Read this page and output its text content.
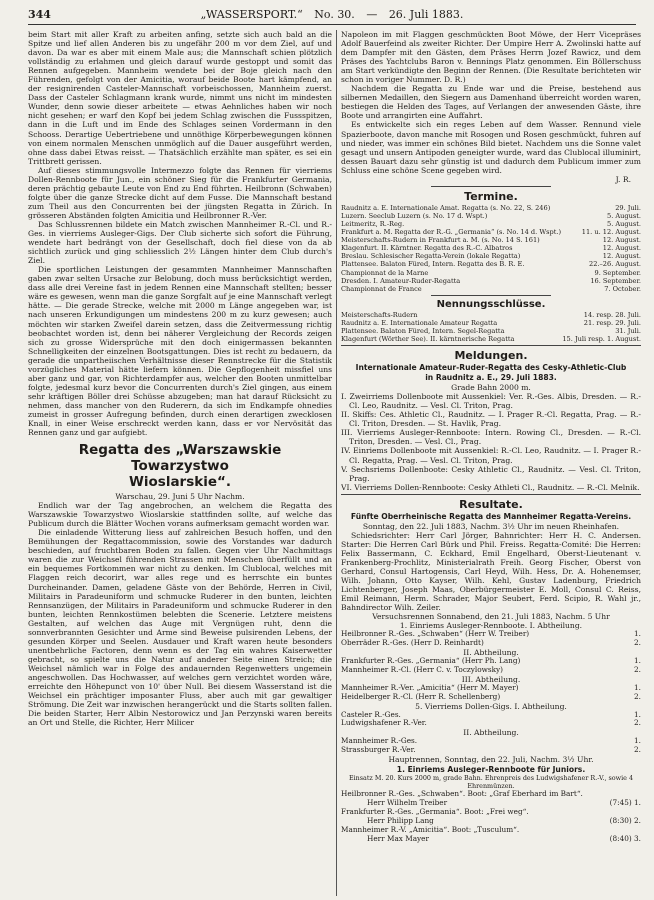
344	„WASSERSPORT.“ No. 30. — 26. Juli 1883.

beim Start mit aller Kraft zu arbeiten anfing, setzte sich auch bald an die Spitze und lief allen Anderen bis zu ungefähr 200 m vor dem Ziel, auf und davon. Da war es aber mit einem Male aus; die Mannschaft schien plötzlich vollständig zu erlahmen und gleich darauf wurde gestoppt und somit das Rennen aufgegeben. Mannheim wendete bei der Boje gleich nach den Führenden, gefolgt von der Amicitia, worauf beide Boote hart kämpfend, an der resignirenden Casteler-Mannschaft vorbeischossen, Mannheim zuerst. Dass der Casteler Schlagmann krank wurde, nimmt uns nicht im mindesten Wunder, denn sowie dieser arbeitete — etwas Aehnliches haben wir noch nicht gesehen; er warf den Kopf bei jedem Schlag zwischen die Fussspitzen, dann in die Luft und im Ende des Schlages seinen Vordermann in den Schooss. Derartige Uebertriebene und unnöthige Körperbewegungen können von einem normalen Menschen unmöglich auf die Dauer ausgeführt werden, ohne dass dabei Etwas reisst. — Thatsächlich erzählte man später, es sei ein Trittbrett gerissen.

Auf dieses stimmungsvolle Intermezzo folgte das Rennen für vierriems Dollen-Rennboote für Jun., ein schöner Sieg für die Frankfurter Germania, deren prächtig gebaute Leute von End zu End führten. Heilbronn (Schwaben) folgte über die ganze Strecke dicht auf dem Fusse. Die Mannschaft bestand zum Theil aus den Concurrenten bei der jüngsten Regatta in Zürich. In grösseren Abständen folgten Amicitia und Heilbronner R.-Ver.

Das Schlussrennen bildete ein Match zwischen Mannheimer R.-Cl. und R.-Ges. in vierriems Ausleger-Gigs. Der Club sicherte sich sofort die Führung, wendete hart bedrängt von der Gesellschaft, doch fiel diese von da ab sichtlich zurück und ging schliesslich 2½ Längen hinter dem Club durch's Ziel.

Die sportlichen Leistungen der gesammten Mannheimer Mannschaften gaben zwar selten Ursache zur Belobung, doch muss berücksichtigt werden, dass alle drei Vereine fast in jedem Rennen eine Mannschaft stellten; besser wäre es gewesen, wenn man die ganze Sorgfalt auf je eine Mannschaft verlegt hätte. — Die gerade Strecke, welche mit 2000 m Länge angegeben war, ist nach unseren Erkundigungen um mindestens 200 m zu kurz gewesen; auch möchten wir starken Zweifel darein setzen, dass die Zeitvermessung richtig beobachtet worden ist, denn bei näherer Vergleichung der Records zeigen sich zu grosse Widersprüche mit den doch einigermassen bekannten Schnelligkeiten der einzelnen Bootsgattungen. Dies ist recht zu bedauern, da gerade die unpartheiischen Verhältnisse dieser Rennstrecke für die Statistik vorzügliches Material hätte liefern können. Die Gepflogenheit missfiel uns aber ganz und gar, von Richterdampfer aus, welcher den Booten unmittelbar folgte, jedesmal kurz bevor die Concurrenten durch's Ziel gingen, aus einem sehr kräftigen Böller drei Schüsse abzugeben; man hat darauf Rücksicht zu nehmen, dass mancher von den Ruderern, da sich im Endkampfe ohnedies zumeist in grosser Aufregung befinden, durch einen derartigen zwecklosen Knall, in einer Weise erschreckt werden kann, dass er vor Nervösität das Rennen ganz und gar aufgiebt.

Regatta des „Warszawskie Towarzystwo
Wioslarskie“.

Warschau, 29. Juni 5 Uhr Nachm.

Endlich war der Tag angebrochen, an welchem die Regatta des Warszawskie Towarzystwo Wioslarskie stattfinden sollte, auf welche das Publicum durch die Blätter Wochen vorans aufmerksam gemacht worden war.

Die einladende Witterung liess auf zahlreichen Besuch hoffen, und den Bemühungen der Regattacommission, sowie des Vorstandes war dadurch beschieden, auf fruchtbaren Boden zu fallen. Gegen vier Uhr Nachmittags waren die zur Weichsel führenden Strassen mit Menschen überfüllt und an ein bequemes Fortkommen war nicht zu denken. Im Clublocal, welches mit Flaggen reich decorirt, war alles rege und es herrschte ein buntes Durcheinander. Damen, geladene Gäste von der Behörde, Herren in Civil, Militairs in Paradeuniform und schmucke Ruderer in den bunten, leichten Rennsanzügen, der Militairs in Paradeuniform und schmucke Ruderer in den bunten, leichten Rennkostümen belebten die Scenerie. Letztere meistens Gestalten, auf welchen das Auge mit Vergnügen ruht, denn die sonnverbrannten Gesichter und Arme sind Beweise pulsirenden Lebens, der gesunden Körper und Seelen. Ausdauer und Kraft waren heute besonders unentbehrliche Factoren, denn wenn es der Tag ein wahres Kaiserwetter gebracht, so spielte uns die Natur auf anderer Seite einen Streich; die Weichsel nämlich war in Folge des andauernden Regenwetters ungemein angeschwollen. Das Hochwasser, auf welches gern verzichtet worden wäre, erreichte den Höhepunct von 10' über Null. Bei diesem Wasserstand ist die Weichsel ein prächtiger imposanter Fluss, aber auch mit gar gewaltiger Strömung. Die Zeit war inzwischen herangerückt und die Starts sollten fallen. Die beiden Starter, Herr Albin Nestorowicz und Jan Perzynski waren bereits an Ort und Stelle, die Richter, Herr Milicer

Napoleon im mit Flaggen geschmückten Boot Möwe, der Herr Vicepräses Adolf Bauerfeind als zweiter Richter. Der Umpire Herr A. Zwolinski hatte auf dem Dampfer mit den Gästen, dem Präses Herrn Jozef Rawicz, und dem Präses des Yachtclubs Baron v. Bennings Platz genommen. Ein Böllerschuss am Start verkündigte den Beginn der Rennen. (Die Resultate berichteten wir schon in voriger Nummer. D. R.)

Nachdem die Regatta zu Ende war und die Preise, bestehend aus silbernen Medaillen, den Siegern aus Damenhand überreicht worden waren, bestiegen die Helden des Tages, auf Verlangen der anwesenden Gäste, ihre Boote und arrangirten eine Auffahrt.

Es entwickelte sich ein reges Leben auf dem Wasser. Rennund viele Spazierboote, davon manche mit Rosogen und Rosen geschmückt, fuhren auf und nieder, was immer ein schönes Bild bietet. Nachdem uns die Sonne valet gesagt und unsern Antipoden geneigter wurde, ward das Clublocal illuminirt, dessen Bauart dazu sehr günstig ist und dadurch dem Publicum immer zum Schluss eine schöne Scene gegeben wird.

J. R.

Termine.
Raudnitz a. E. Internationale Amat. Regatta (s. No. 22, S. 246)	29. Juli.
Luzern. Seeclub Luzern (s. No. 17 d. Wspt.)	5. August.
Leitmeritz, R.-Reg.	5. August.
Frankfurt a. M. Regatta der R.-G. „Germania“ (s. No. 14 d. Wspt.)	11. u. 12. August.
Meisterschafts-Rudern in Frankfurt a. M. (s. No. 14 S. 161)	12. August.
Klagenfurt. II. Kärntner. Regatta des R.-C. Albatros	12. August.
Breslau. Schlesischer Regatta-Verein (lokale Regatta)	12. August.
Plattensee. Balaton Füred, Intern. Regatta des B. R. E.	22.–26. August.
Championnat de la Marne	9. September.
Dresden. I. Amateur-Ruder-Regatta	16. September.
Championnat de France	7. October.
Nennungsschlüsse.
Meisterschafts-Rudern	14. resp. 28. Juli.
Raudnitz a. E. Internationale Amateur Regatta	21. resp. 29. Juli.
Plattensee. Balaton Füred, Intern. Segel-Regatta	31. Juli.
Klagenfurt (Wörther See). II. kärntnerische Regatta	15. Juli resp. 1. August.
Meldungen.
Internationale Amateur-Ruder-Regatta des Cesky-Athletic-Club
in Raudnitz a. E., 29. Juli 1883.
Grade Bahn 2000 m.

I. Zweirriems Dollenboote mit Aussenkiel: Ver. R.-Ges. Albis, Dresden. — R.-Cl. Leo, Raudnitz. — Vesl. Cl. Triton, Prag.

II. Skiffs: Ces. Athletic Cl., Raudnitz. — I. Prager R.-Cl. Regatta, Prag. — R.-Cl. Triton, Dresden. — St. Havlik, Prag.

III. Vierriems Ausleger-Rennboote: Intern. Rowing Cl., Dresden. — R.-Cl. Triton, Dresden. — Vesl. Cl., Prag.

IV. Einriems Dollenboote mit Aussenkiel: R.-Cl. Leo, Raudnitz. — I. Prager R.-Cl. Regatta, Prag. — Vesl. Cl. Triton, Prag.

V. Sechsriems Dollenboote: Cesky Athletic Cl., Raudnitz. — Vesl. Cl. Triton, Prag.

VI. Vierriems Dollen-Rennboote: Cesky Athleti Cl., Raudnitz. — R.-Cl. Melnik.

Resultate.
Fünfte Oberrheinische Regatta des Mannheimer Regatta-Vereins.
Sonntag, den 22. Juli 1883, Nachm. 3½ Uhr im neuen Rheinhafen.

Schiedsrichter: Herr Carl Jörger, Bahnrichter: Herr H. C. Andersen. Starter: Die Herren Carl Bürk und Phil. Freiss. Regatta-Comité: Die Herren: Felix Bassermann, C. Eckhard, Emil Engelhard, Oberst-Lieutenant v. Frankenberg-Prochlitz, Ministerialrath Freih. Georg Fischer, Oberst von Gerhard, Consul Hartogensis, Carl Heyd, Wilh. Hess, Dr. A. Hohenemser, Wilh. Johann, Otto Kayser, Wilh. Kehl, Gustav Ladenburg, Friedrich Lichtenberger, Joseph Maas, Oberbürgermeister E. Moll, Consul C. Reiss, Emil Reimann, Herm. Schrader, Major Seubert, Ferd. Scipio, R. Wahl jr., Bahndirector Wilh. Zeiler.

Versuchsrennen Sonnabend, den 21. Juli 1883, Nachm. 5 Uhr
1. Einriems Ausleger-Rennboote. I. Abtheilung.
Heilbronner R.-Ges. „Schwaben“ (Herr W. Treiber)	1.
Oberräder R.-Ges. (Herr D. Reinhardt)	2.
II. Abtheilung.
Frankfurter R.-Ges. „Germania“ (Herr Ph. Lang)	1.
Mannheimer R.-Cl. (Herr C. v. Toczylowsky)	2.
III. Abtheilung.
Mannheimer R.-Ver. „Amicitia“ (Herr M. Mayer)	1.
Heidelberger R.-Cl. (Herr R. Schellenberg)	2.
5. Vierriems Dollen-Gigs. I. Abtheilung.
Casteler R.-Ges.	1.
Ludwigshafener R.-Ver.	2.
II. Abtheilung.
Mannheimer R.-Ges.	1.
Strassburger R.-Ver.	2.
Hauptrennen, Sonntag, den 22. Juli, Nachm. 3½ Uhr.
1. Einriems Ausleger-Rennboote für Juniors.
Einsatz M. 20. Kurs 2000 m, grade Bahn. Ehrenpreis des Ludwigshafener R.-V., sowie 4 Ehrenmünzen.
Heilbronner R.-Ges. „Schwaben“. Boot: „Graf Eberhard im Bart“.
Herr Wilhelm Treiber	(7:45) 1.
Frankfurter R.-Ges. „Germania“. Boot: „Frei weg“.
Herr Philipp Lang	(8:30) 2.
Mannheimer R.-V. „Amicitia“. Boot: „Tusculum“.
Herr Max Mayer	(8:40) 3.
